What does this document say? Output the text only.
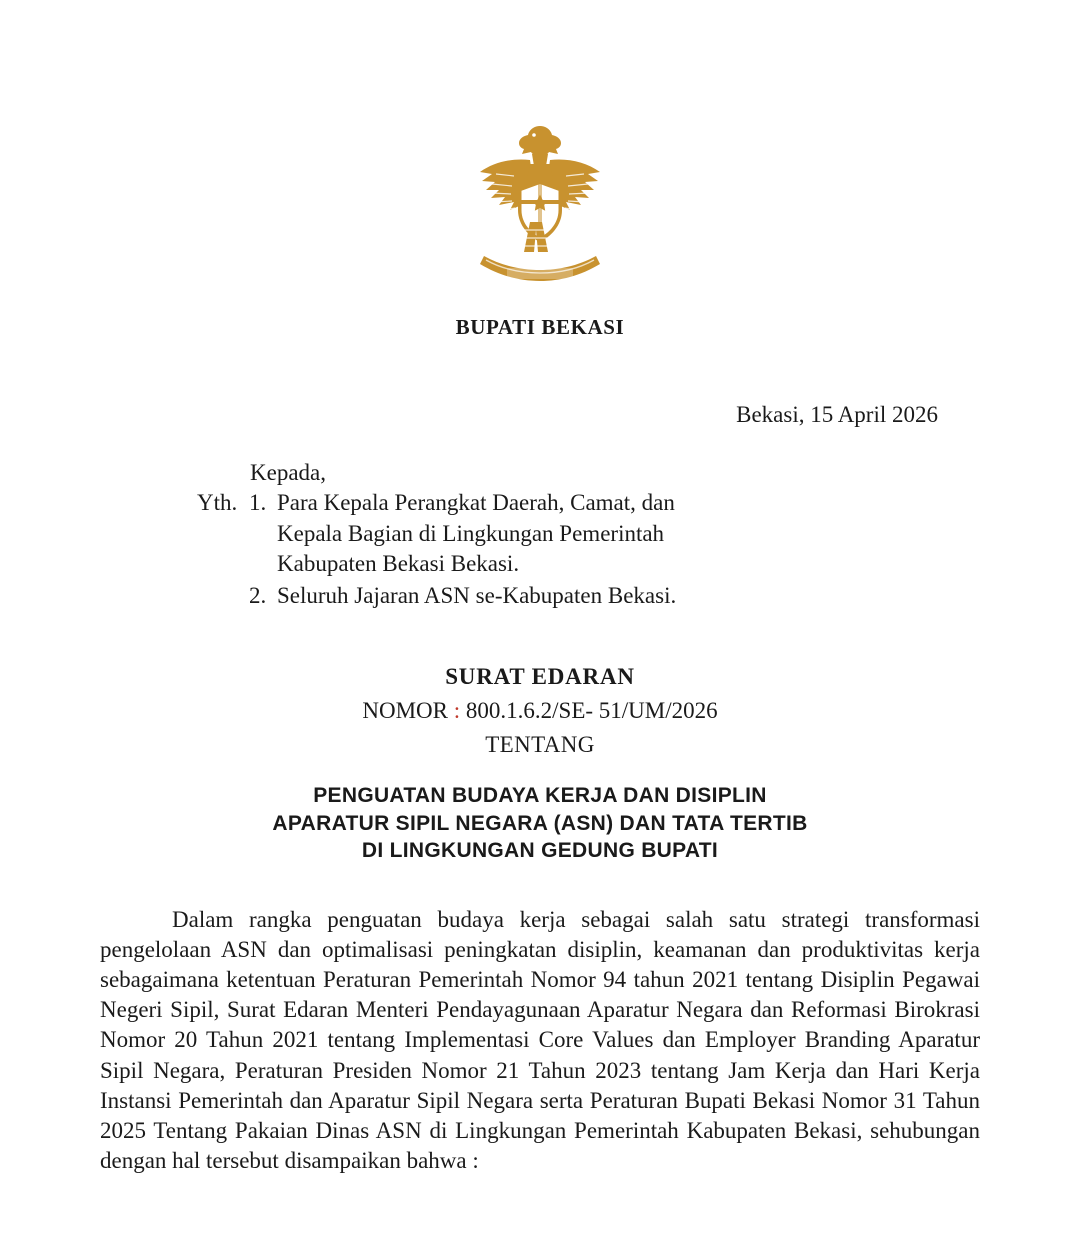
BUPATI BEKASI
Bekasi, 15 April 2026
Kepada,
Yth. 1. Para Kepala Perangkat Daerah, Camat, dan Kepala Bagian di Lingkungan Pemerintah Kabupaten Bekasi Bekasi.
2. Seluruh Jajaran ASN se-Kabupaten Bekasi.
SURAT EDARAN
NOMOR : 800.1.6.2/SE- 51/UM/2026
TENTANG
PENGUATAN BUDAYA KERJA DAN DISIPLIN
APARATUR SIPIL NEGARA (ASN) DAN TATA TERTIB
DI LINGKUNGAN GEDUNG BUPATI
Dalam rangka penguatan budaya kerja sebagai salah satu strategi transformasi pengelolaan ASN dan optimalisasi peningkatan disiplin, keamanan dan produktivitas kerja sebagaimana ketentuan Peraturan Pemerintah Nomor 94 tahun 2021 tentang Disiplin Pegawai Negeri Sipil, Surat Edaran Menteri Pendayagunaan Aparatur Negara dan Reformasi Birokrasi Nomor 20 Tahun 2021 tentang Implementasi Core Values dan Employer Branding Aparatur Sipil Negara, Peraturan Presiden Nomor 21 Tahun 2023 tentang Jam Kerja dan Hari Kerja Instansi Pemerintah dan Aparatur Sipil Negara serta Peraturan Bupati Bekasi Nomor 31 Tahun 2025 Tentang Pakaian Dinas ASN di Lingkungan Pemerintah Kabupaten Bekasi, sehubungan dengan hal tersebut disampaikan bahwa :
